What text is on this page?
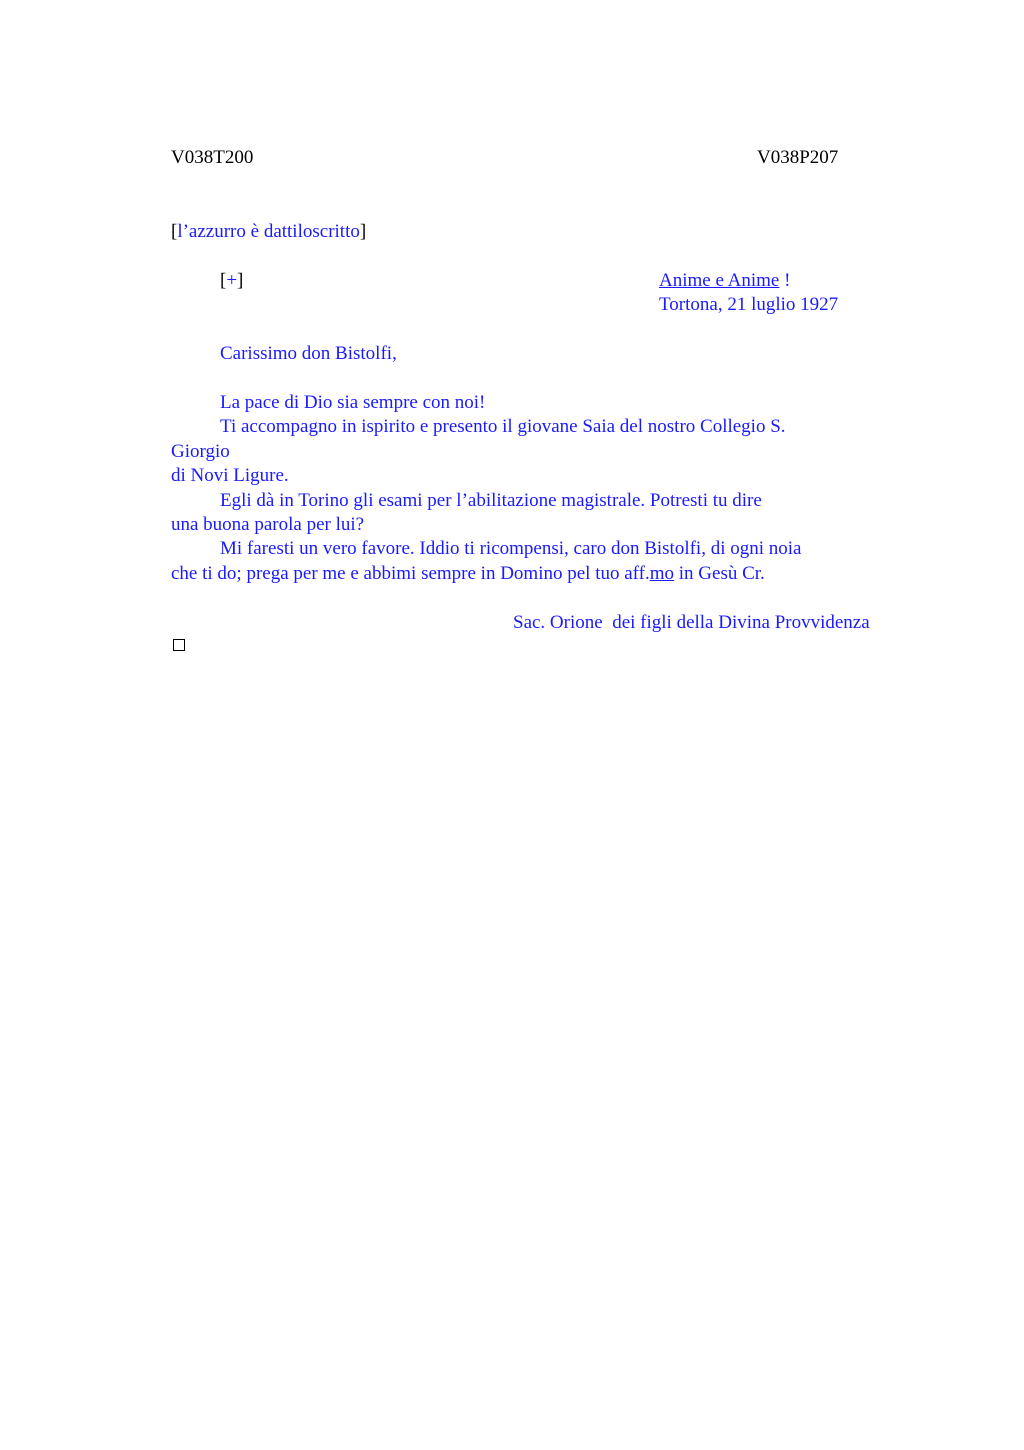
V038T200	V038P207
[l’azzurro è dattiloscritto]
[+]	Anime e Anime !
Tortona, 21 luglio 1927
Carissimo don Bistolfi,
La pace di Dio sia sempre con noi!
Ti accompagno in ispirito e presento il giovane Saia del nostro Collegio S.
Giorgio
di Novi Ligure.
Egli dà in Torino gli esami per l’abilitazione magistrale. Potresti tu dire
una buona parola per lui?
Mi faresti un vero favore. Iddio ti ricompensi, caro don Bistolfi, di ogni noia
che ti do; prega per me e abbimi sempre in Domino pel tuo aff.mo in Gesù Cr.
Sac. Orione  dei figli della Divina Provvidenza
